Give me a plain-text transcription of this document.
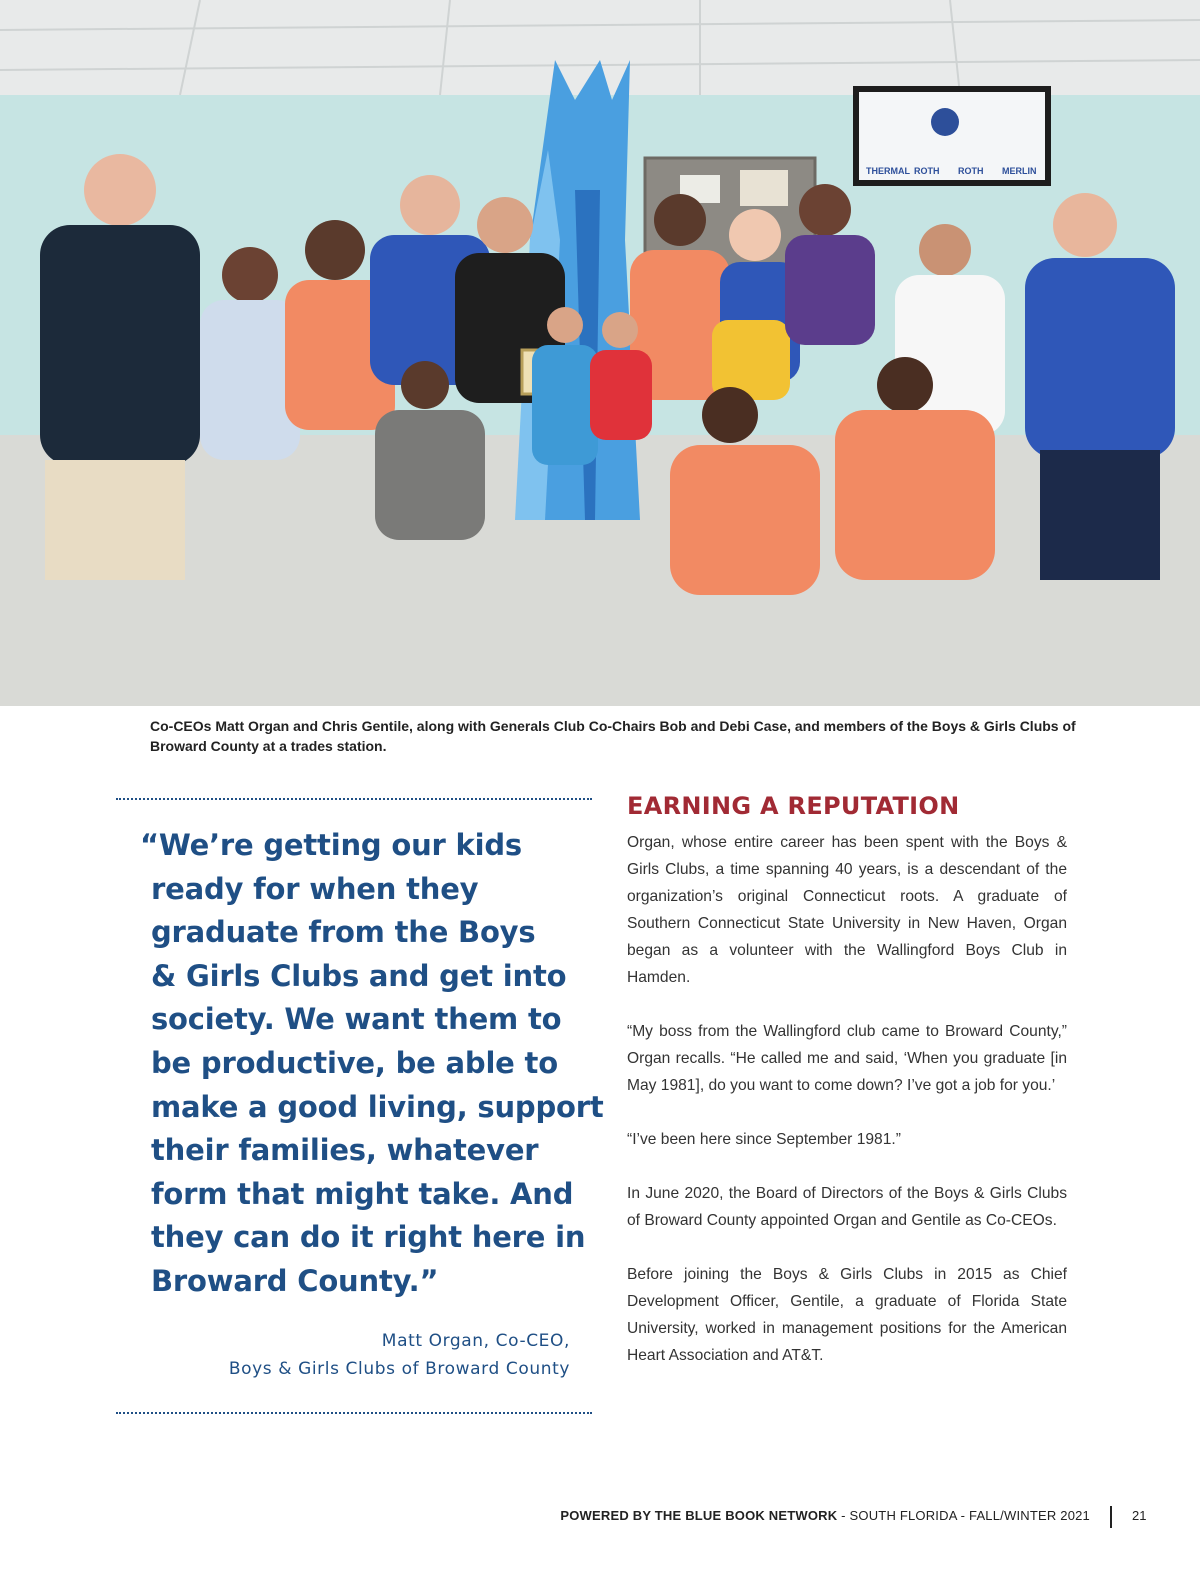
THERMAL ROTH ROTH MERLIN
Co-CEOs Matt Organ and Chris Gentile, along with Generals Club Co-Chairs Bob and Debi Case, and members of the Boys & Girls Clubs of Broward County at a trades station.
“We’re getting our kids
ready for when they
graduate from the Boys
& Girls Clubs and get into
society. We want them to
be productive, be able to
make a good living, support
their families, whatever
form that might take. And
they can do it right here in
Broward County.”
Matt Organ, Co-CEO,
Boys & Girls Clubs of Broward County
EARNING A REPUTATION

Organ, whose entire career has been spent with the Boys & Girls Clubs, a time spanning 40 years, is a descendant of the organization’s original Connecticut roots. A graduate of Southern Connecticut State University in New Haven, Organ began as a volunteer with the Wallingford Boys Club in Hamden.

“My boss from the Wallingford club came to Broward County,” Organ recalls. “He called me and said, ‘When you graduate [in May 1981], do you want to come down? I’ve got a job for you.’

“I’ve been here since September 1981.”

In June 2020, the Board of Directors of the Boys & Girls Clubs of Broward County appointed Organ and Gentile as Co-CEOs.

Before joining the Boys & Girls Clubs in 2015 as Chief Development Officer, Gentile, a graduate of Florida State University, worked in management positions for the American Heart Association and AT&T.

POWERED BY THE BLUE BOOK NETWORK - SOUTH FLORIDA - FALL/WINTER 2021	21
